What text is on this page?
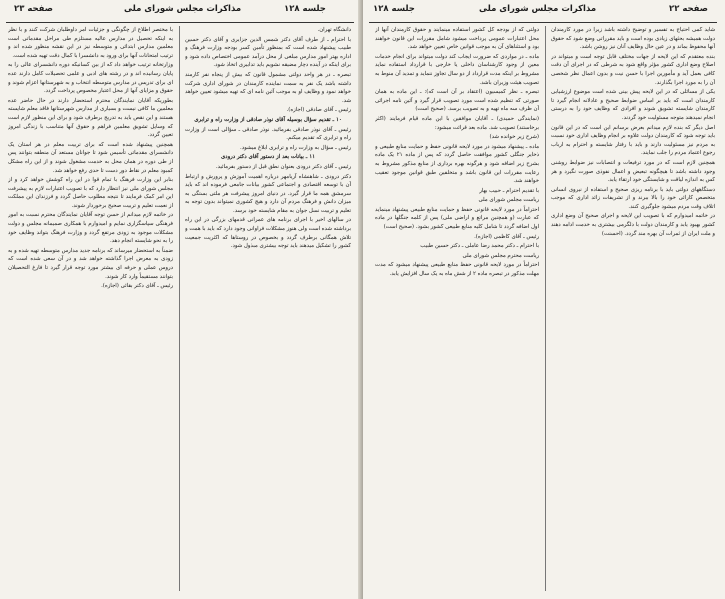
صفحه ۲۳	مذاکرات مجلس شورای ملی	جلسه ۱۲۸

با مختصر اطلاع از چگونگی و جزئیات امر داوطلبان شرکت کنند و با نظر به اینکه تحصیل در مدارس عالیه مستلزم طی مراحل مقدماتی است معلمین مدارس ابتدائی و متوسطه نیز در این نقشه منظور شده اند و ترتیب امتحانات آنها برای ورود به دانشسرا با کمال دقت تهیه شده است.

وزارتخانه ترتیب خواهد داد که از بین کسانیکه دوره دانشسرای عالی را به پایان رسانیده اند و در رشته های ادبی و علمی تحصیلات کامل دارند عده ای برای تدریس در مدارس متوسطه انتخاب و به شهرستانها اعزام شوند و حقوق و مزایای آنها از محل اعتبار مخصوص پرداخت گردد.

بطوریکه آقایان نمایندگان محترم استحضار دارند در حال حاضر عده معلمین ما کافی نیست و بسیاری از مدارس شهرستانها فاقد معلم شایسته هستند و این نقص باید به تدریج برطرف شود و برای این منظور لازم است که وسایل تشویق معلمین فراهم و حقوق آنها متناسب با زندگی امروز تعیین گردد.

همچنین پیشنهاد شده است که برای تربیت معلم در هر استان یک دانشسرای مقدماتی تأسیس شود تا جوانان مستعد آن منطقه بتوانند پس از طی دوره در همان محل به خدمت مشغول شوند و از این راه مشکل کمبود معلم در نقاط دور دست تا حدی رفع خواهد شد.

بنابر این وزارت فرهنگ با تمام قوا در این راه کوشش خواهد کرد و از مجلس شورای ملی نیز انتظار دارد که با تصویب اعتبارات لازم به پیشرفت این امر کمک فرمایند تا نتیجه مطلوب حاصل گردد و فرزندان این مملکت از نعمت تعلیم و تربیت صحیح برخوردار شوند.

در خاتمه لازم میدانم از حسن توجه آقایان نمایندگان محترم نسبت به امور فرهنگی سپاسگزاری نمایم و امیدوارم با همکاری صمیمانه مجلس و دولت مشکلات موجود به زودی مرتفع گردد و وزارت فرهنگ بتواند وظایف خود را به نحو شایسته انجام دهد.

ضمناً به استحضار میرساند که برنامه جدید مدارس متوسطه تهیه شده و به زودی به معرض اجرا گذاشته خواهد شد و در آن سعی شده است که دروس عملی و حرفه ای بیشتر مورد توجه قرار گیرد تا فارغ التحصیلان بتوانند مستقیماً وارد کار شوند.

رئیس ـ آقای دکتر بقائی (اجازه).

دانشگاه تهران.

با احترام ـ از طرف آقای دکتر شمس الدین جزایری و آقای دکتر حسین طبیب پیشنهاد شده است که بمنظور تأمین کسر بودجه وزارت فرهنگ و اداره بهتر امور مدارس مبلغی از محل درآمد عمومی اختصاص داده شود و برای اینکه در آینده دچار مضیقه نشویم باید تدابیری اتخاذ شود.

تبصره ـ در هر واحد دولتی مشمول قانون که بیش از پنجاه نفر کارمند داشته باشد یک نفر به سمت نماینده کارمندان در شورای اداری شرکت خواهد نمود و وظایف او به موجب آئین نامه ای که تهیه میشود تعیین خواهد شد.

رئیس ـ آقای صادقی (اجازه).

۱۰ ـ تقدیم سؤال بوسیله آقای نوذر صادقی از وزارت راه و ترابری

رئیس ـ آقای نوذر صادقی بفرمائید. نوذر صادقی ـ سؤالی است از وزارت راه و ترابری که تقدیم میکنم.

رئیس ـ سؤال به وزارت راه و ترابری ابلاغ میشود.

۱۱ ـ بیانات بعد از دستور آقای دکتر درودی

رئیس ـ آقای دکتر درودی بعنوان نطق قبل از دستور بفرمائید.

دکتر درودی ـ شاهنشاه آریامهر درباره اهمیت آموزش و پرورش و ارتباط آن با توسعه اقتصادی و اجتماعی کشور بیانات جامعی فرموده اند که باید سرمشق همه ما قرار گیرد. در دنیای امروز پیشرفت هر ملتی بستگی به میزان دانش و فرهنگ مردم آن دارد و هیچ کشوری نمیتواند بدون توجه به تعلیم و تربیت نسل جوان به مقام شایسته خود برسد.

در سالهای اخیر با اجرای برنامه های عمرانی قدمهای بزرگی در این راه برداشته شده است ولی هنوز مشکلات فراوانی وجود دارد که باید با همت و تلاش همگانی برطرف گردد و بخصوص در روستاها که اکثریت جمعیت کشور را تشکیل میدهند باید توجه بیشتری مبذول شود.

جلسه ۱۲۸	مذاکرات مجلس شورای ملی	صفحه ۲۲

دولتی که از بودجه کل کشور استفاده مینمایند و حقوق کارمندان آنها از محل اعتبارات عمومی پرداخت میشود شامل مقررات این قانون خواهند بود و استثناهای آن به موجب قوانین خاص تعیین خواهد شد.

ماده ـ در مواردی که ضرورت ایجاب کند دولت میتواند برای انجام خدمات معین از وجود کارشناسان داخلی یا خارجی با قرارداد استفاده نماید مشروط بر اینکه مدت قرارداد از دو سال تجاوز ننماید و تمدید آن منوط به تصویب هیئت وزیران باشد.

تبصره ـ نظر کمیسیون (اعتقاد بر آن است که): ـ این ماده به همان صورتی که تنظیم شده است مورد تصویب قرار گیرد و آئین نامه اجرائی آن ظرف سه ماه تهیه و به تصویب برسد. (صحیح است)

(نمایندگی حمیدی) ـ آقایان موافقین با این ماده قیام فرمایند (اکثر برخاستند) تصویب شد. ماده بعد قرائت میشود:

(شرح زیر خوانده شد)

ماده ـ پیشنهاد میشود در مورد لایحه قانونی حفظ و حمایت منابع طبیعی و ذخایر جنگلی کشور موافقت حاصل گردد که پس از ماده ۲۱ یک ماده بشرح زیر اضافه شود و هرگونه بهره برداری از منابع مذکور مشروط به رعایت مقررات این قانون باشد و متخلفین طبق قوانین موجود تعقیب خواهند شد.

با تقدیم احترام ـ حبیب بهار

ریاست مجلس شورای ملی

احتراماً در مورد لایحه قانونی حفظ و حمایت منابع طبیعی پیشنهاد مینماید که عبارت (و همچنین مراتع و اراضی ملی) پس از کلمه جنگلها در ماده اول اضافه گردد تا شامل کلیه منابع طبیعی کشور بشود. (صحیح است)

رئیس ـ آقای کاظمی (اجازه).

با احترام ـ دکتر محمد رضا عاملی ـ دکتر حسین طبیب

ریاست محترم مجلس شورای ملی

احتراماً در مورد لایحه قانونی حفظ منابع طبیعی پیشنهاد میشود که مدت مهلت مذکور در تبصره ماده ۲ از شش ماه به یک سال افزایش یابد.

شاید کمی احتیاج به تفسیر و توضیح داشته باشد زیرا در مورد کارمندان دولت همیشه بحثهای زیادی بوده است و باید مقرراتی وضع شود که حقوق آنها محفوظ بماند و در عین حال وظایف آنان نیز روشن باشد.

بنده معتقدم که این لایحه از جهات مختلف قابل توجه است و میتواند در اصلاح وضع اداری کشور مؤثر واقع شود به شرطی که در اجرای آن دقت کافی بعمل آید و مأمورین اجرا با حسن نیت و بدون اعمال نظر شخصی آن را به مورد اجرا بگذارند.

یکی از مسائلی که در این لایحه پیش بینی شده است موضوع ارزشیابی کارمندان است که باید بر اساس ضوابط صحیح و عادلانه انجام گیرد تا کارمندان شایسته تشویق شوند و افرادی که وظایف خود را به درستی انجام نمیدهند متوجه مسئولیت خود گردند.

اصل دیگر که بنده لازم میدانم بعرض برسانم این است که در این قانون باید توجه شود که کارمندان دولت علاوه بر انجام وظایف اداری خود نسبت به مردم نیز مسئولیت دارند و باید با رفتار شایسته و احترام به ارباب رجوع اعتماد مردم را جلب نمایند.

همچنین لازم است که در مورد ترفیعات و انتصابات نیز ضوابط روشنی وجود داشته باشد تا هیچگونه تبعیض و اعمال نفوذی صورت نگیرد و هر کس به اندازه لیاقت و شایستگی خود ارتقاء یابد.

دستگاههای دولتی باید با برنامه ریزی صحیح و استفاده از نیروی انسانی متخصص کارائی خود را بالا ببرند و از تشریفات زائد اداری که موجب اتلاف وقت مردم میشود جلوگیری کنند.

در خاتمه امیدوارم که با تصویب این لایحه و اجرای صحیح آن وضع اداری کشور بهبود یابد و کارمندان دولت با دلگرمی بیشتری به خدمت ادامه دهند و ملت ایران از ثمرات آن بهره مند گردد. (احسنت)
